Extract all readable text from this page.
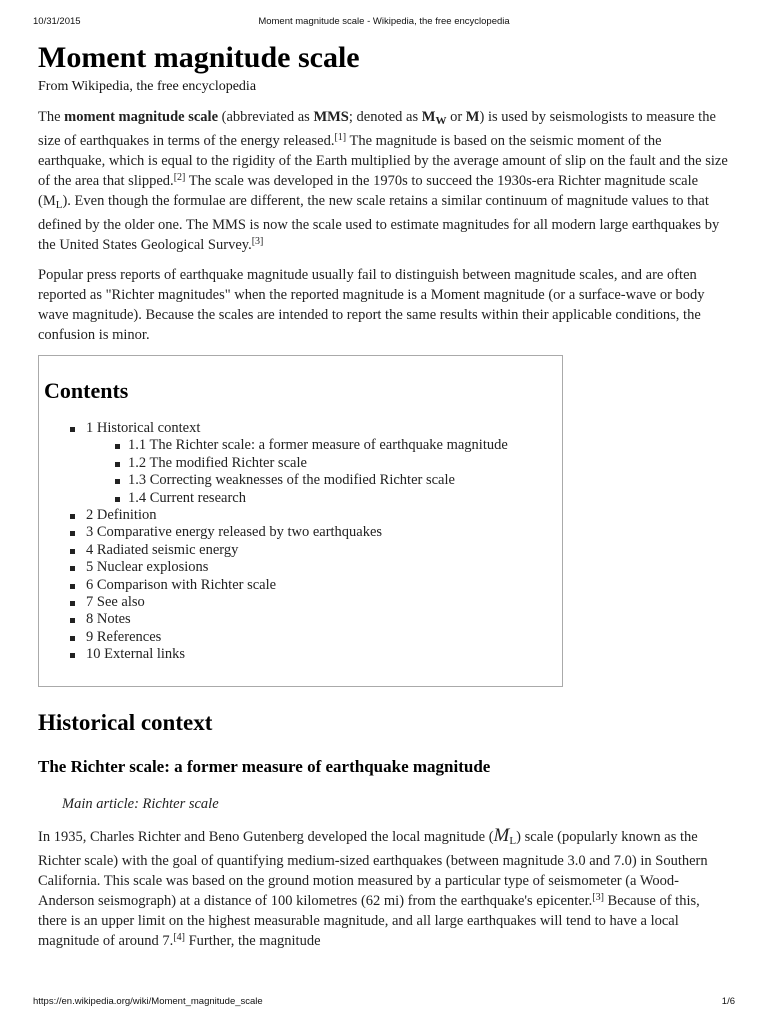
10/31/2015	Moment magnitude scale - Wikipedia, the free encyclopedia
Moment magnitude scale
From Wikipedia, the free encyclopedia

The moment magnitude scale (abbreviated as MMS; denoted as $M_W$ or M) is used by seismologists to measure the size of earthquakes in terms of the energy released.[1] The magnitude is based on the seismic moment of the earthquake, which is equal to the rigidity of the Earth multiplied by the average amount of slip on the fault and the size of the area that slipped.[2] The scale was developed in the 1970s to succeed the 1930s-era Richter magnitude scale $(M_L)$. Even though the formulae are different, the new scale retains a similar continuum of magnitude values to that defined by the older one. The MMS is now the scale used to estimate magnitudes for all modern large earthquakes by the United States Geological Survey.[3]

Popular press reports of earthquake magnitude usually fail to distinguish between magnitude scales, and are often reported as "Richter magnitudes" when the reported magnitude is a Moment magnitude (or a surface-wave or body wave magnitude). Because the scales are intended to report the same results within their applicable conditions, the confusion is minor.

Contents
1 Historical context
1.1 The Richter scale: a former measure of earthquake magnitude
1.2 The modified Richter scale
1.3 Correcting weaknesses of the modified Richter scale
1.4 Current research
2 Definition
3 Comparative energy released by two earthquakes
4 Radiated seismic energy
5 Nuclear explosions
6 Comparison with Richter scale
7 See also
8 Notes
9 References
10 External links
Historical context
The Richter scale: a former measure of earthquake magnitude
Main article: Richter scale

In 1935, Charles Richter and Beno Gutenberg developed the local magnitude $(M_L)$ scale (popularly known as the Richter scale) with the goal of quantifying medium-sized earthquakes (between magnitude 3.0 and 7.0) in Southern California. This scale was based on the ground motion measured by a particular type of seismometer (a Wood-Anderson seismograph) at a distance of 100 kilometres (62 mi) from the earthquake's epicenter.[3] Because of this, there is an upper limit on the highest measurable magnitude, and all large earthquakes will tend to have a local magnitude of around 7.[4] Further, the magnitude

https://en.wikipedia.org/wiki/Moment_magnitude_scale	1/6
